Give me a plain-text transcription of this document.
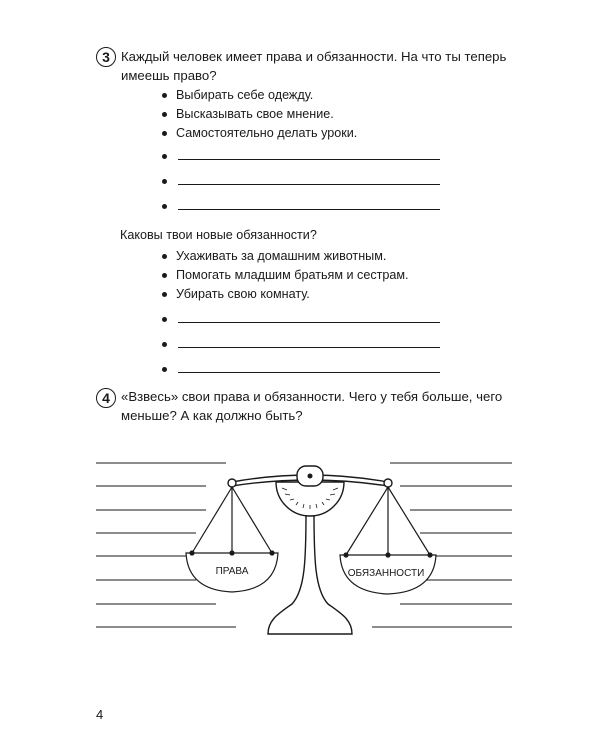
3 Каждый человек имеет права и обязанности. На что ты теперь
имеешь право?
Выбирать себе одежду.
Высказывать свое мнение.
Самостоятельно делать уроки.
Каковы твои новые обязанности?
Ухаживать за домашним животным.
Помогать младшим братьям и сестрам.
Убирать свою комнату.
4 «Взвесь» свои права и обязанности. Чего у тебя больше, чего
меньше? А как должно быть?
ПРАВА	ОБЯЗАННОСТИ
4
